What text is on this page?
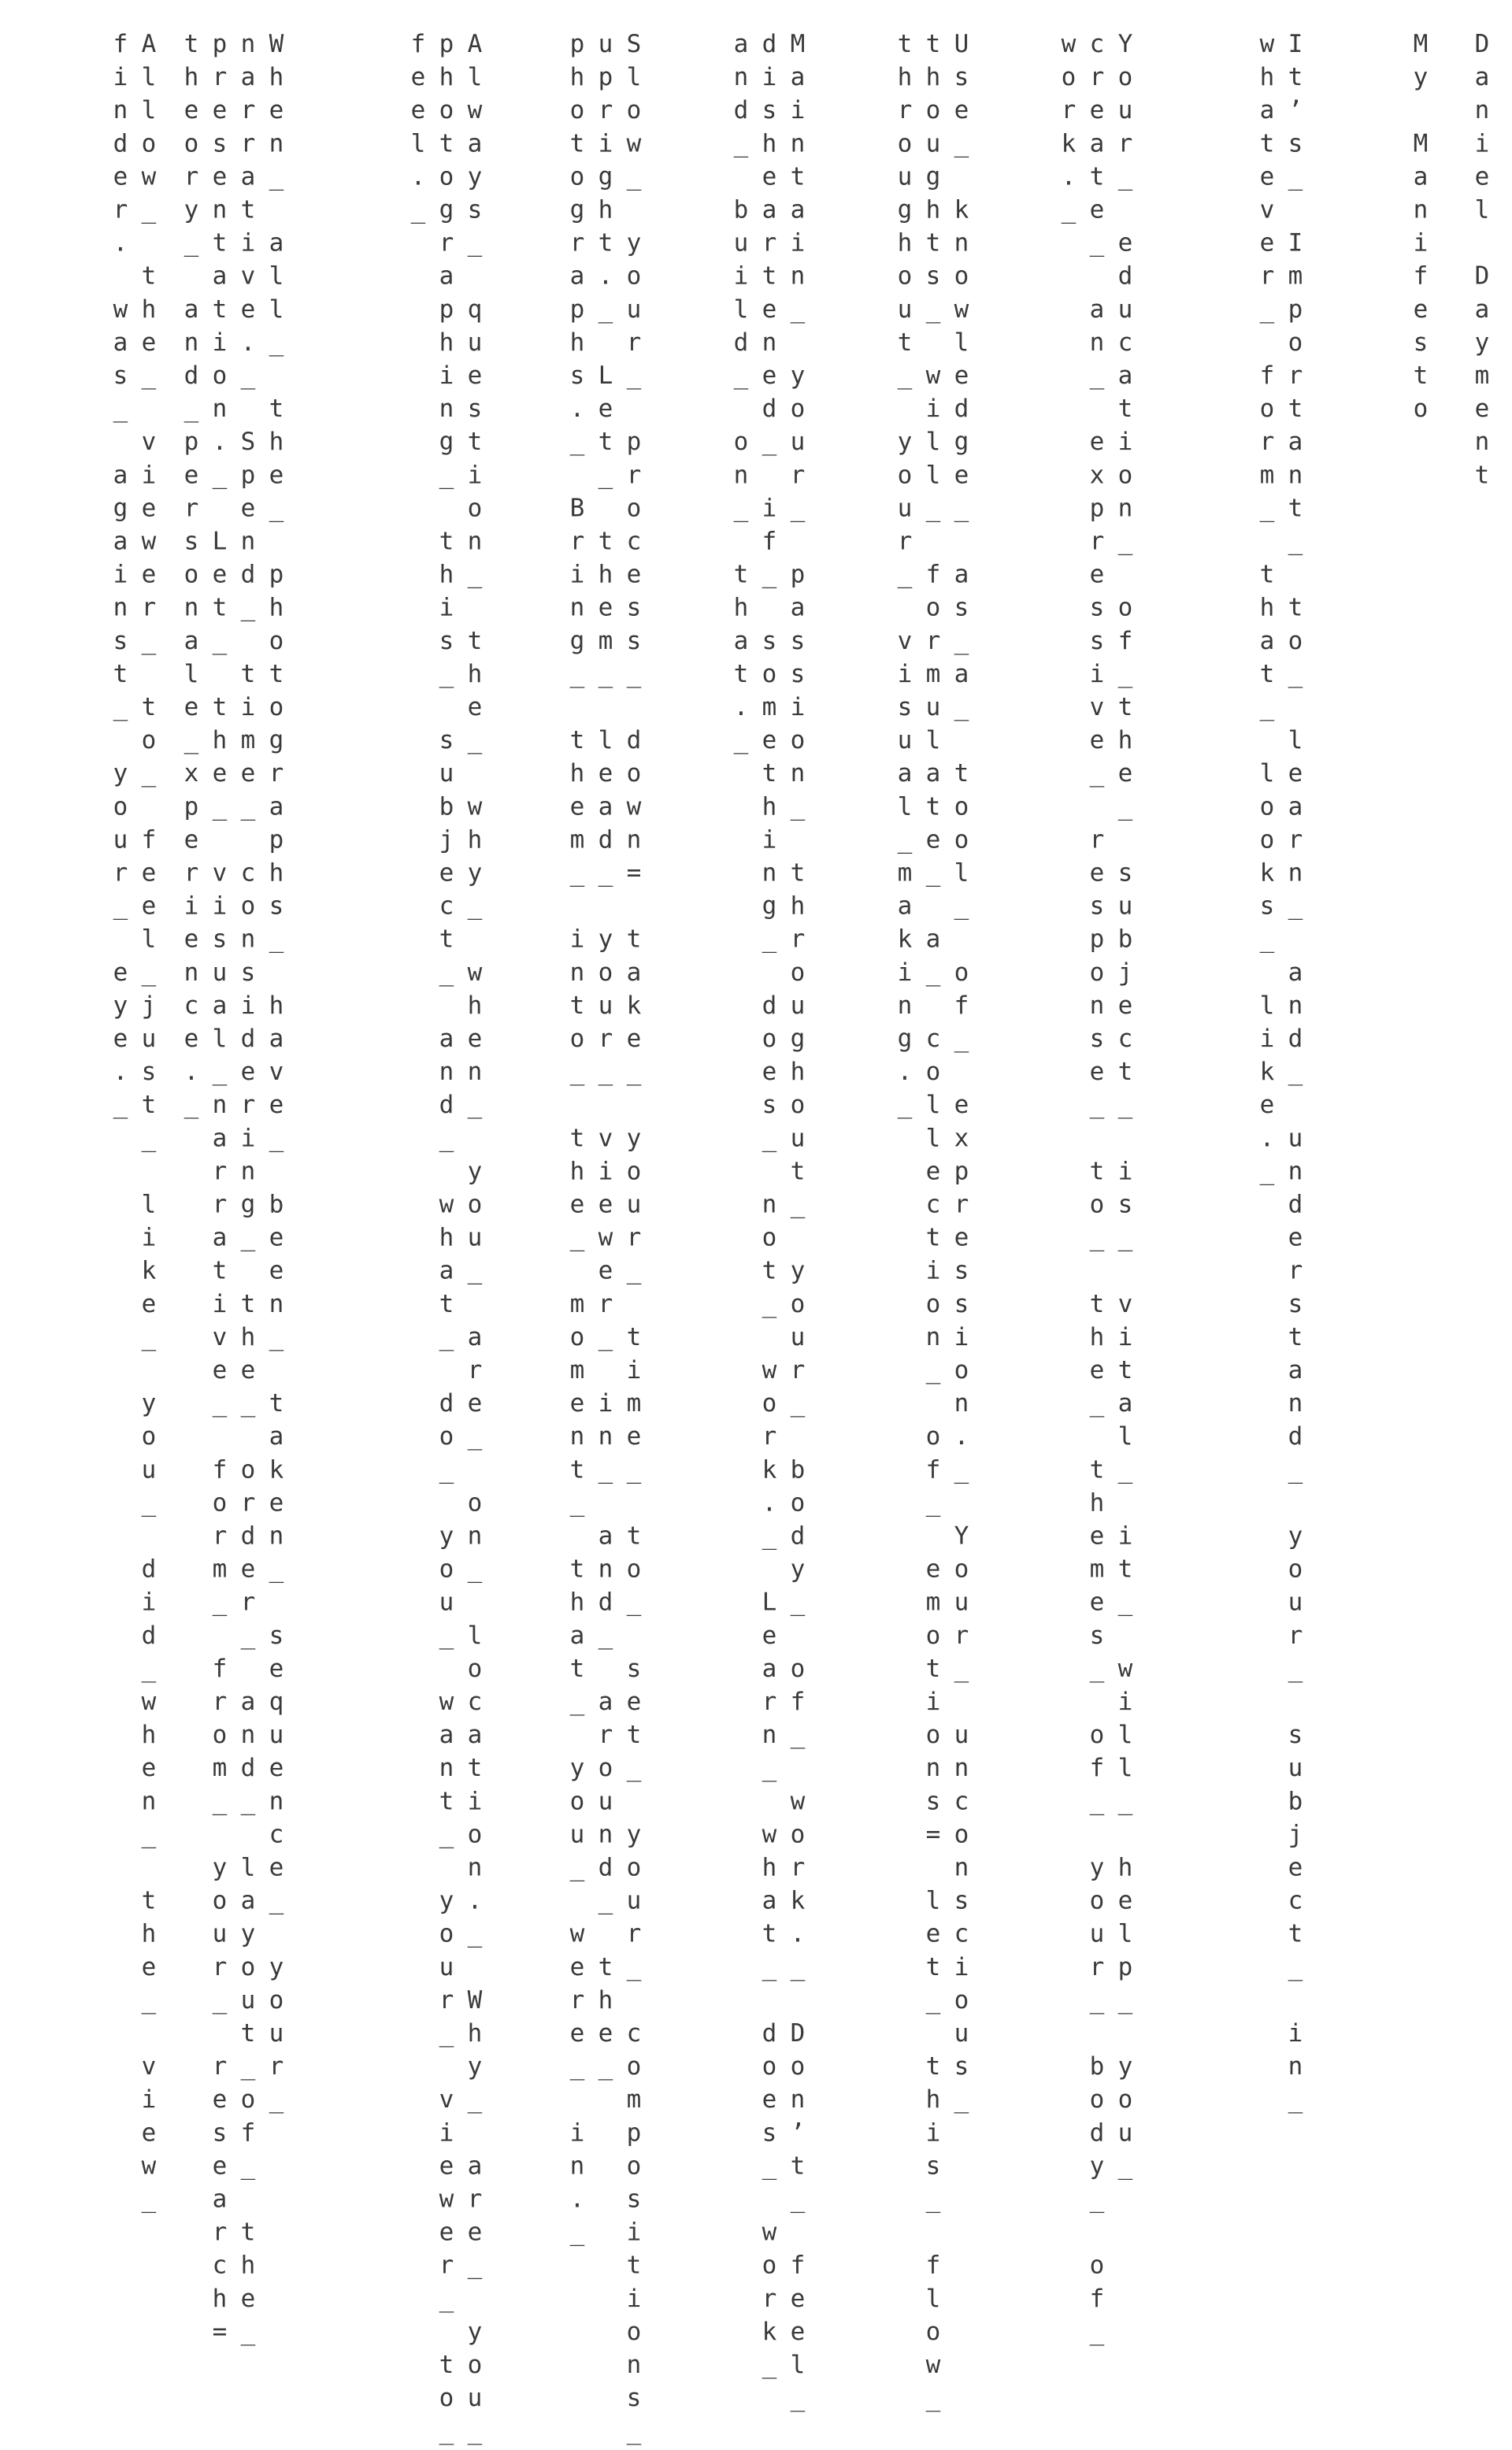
Daniel Dayment
My Manifesto
It’s_ Important_ to_ learn_ and_ understand_ your_ subject_ in_
whatever_ form_ that_ looks_ like._
Your_ education_ of_the_ subject_ is_ vital_ it_ will_ help_ you_
create_ an_ expressive_ response_ to_ the_ themes_ of_ your_ body_ of_
work._
Use_ knowledge_ as_a_ tool_ of_ expression._ Your_ unconscious_
thoughts_ will_ formulate_ a_ collection_ of_ emotions= let_ this_ flow_
throughout_ your_ visual_making._
Maintain_ your_ passion_ throughout_ your_ body_ of_ work._ Don’t_ feel_
disheartened_ if_ something_ does_ not_ work._ Learn_ what_ does_ work_
and_ build_ on_ that._
Slow_ your_ process_ down= take_ your_ time_ to_ set_ your_ compositions_
upright._ Let_ them_ lead_ your_ viewer_ in_ and_ around_ the_
photographs._ Bring_ them_ into_ the_ moment_ that_ you_ were_ in._
Always_ question_ the_ why_ when_ you_ are_ on_ location._ Why_ are_ you_
photographing_ this_ subject_ and_ what_ do_ you_ want_ your_ viewer_ to_
feel._
When_ all_ the_ photographs_ have_ been_ taken_ sequence_ your_
narrative._ Spend_ time_ considering_ the_ order_ and_ layout_of_ the_
presentation._ Let_ the_ visual_narrative_ form_ from_ your_ research=
theory_ and_personale_xperience._
Allow_ the_ viewer_ to_ feel_just_ like_ you_ did_when_ the_ view_
finder. was_ against_ your_ eye._
